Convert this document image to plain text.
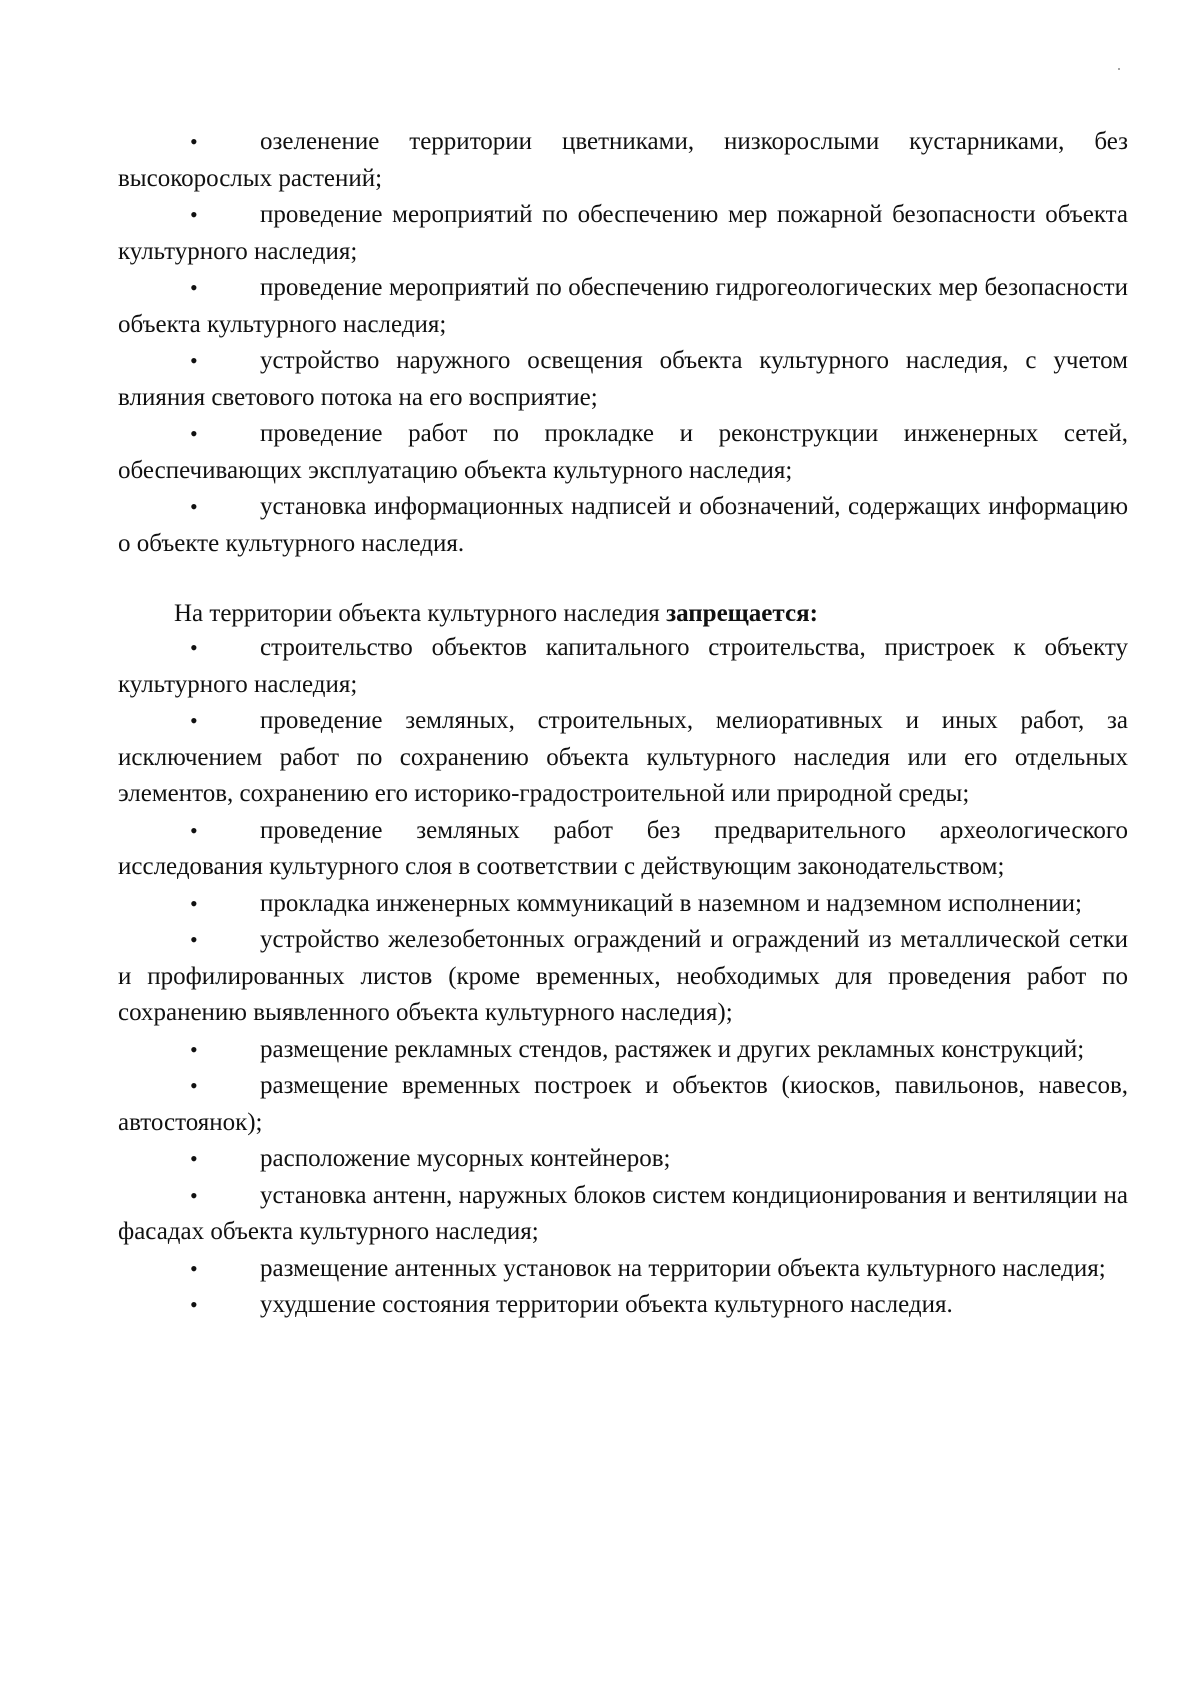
• озеленение территории цветниками, низкорослыми кустарниками, без высокорослых растений;

• проведение мероприятий по обеспечению мер пожарной безопасности объекта культурного наследия;

• проведение мероприятий по обеспечению гидрогеологических мер безопасности объекта культурного наследия;

• устройство наружного освещения объекта культурного наследия, с учетом влияния светового потока на его восприятие;

• проведение работ по прокладке и реконструкции инженерных сетей, обеспечивающих эксплуатацию объекта культурного наследия;

• установка информационных надписей и обозначений, содержащих информацию о объекте культурного наследия.

На территории объекта культурного наследия запрещается:

• строительство объектов капитального строительства, пристроек к объекту культурного наследия;

• проведение земляных, строительных, мелиоративных и иных работ, за исключением работ по сохранению объекта культурного наследия или его отдельных элементов, сохранению его историко-градостроительной или природной среды;

• проведение земляных работ без предварительного археологического исследования культурного слоя в соответствии с действующим законодательством;

• прокладка инженерных коммуникаций в наземном и надземном исполнении;

• устройство железобетонных ограждений и ограждений из металлической сетки и профилированных листов (кроме временных, необходимых для проведения работ по сохранению выявленного объекта культурного наследия);

• размещение рекламных стендов, растяжек и других рекламных конструкций;

• размещение временных построек и объектов (киосков, павильонов, навесов, автостоянок);

• расположение мусорных контейнеров;

• установка антенн, наружных блоков систем кондиционирования и вентиляции на фасадах объекта культурного наследия;

• размещение антенных установок на территории объекта культурного наследия;

• ухудшение состояния территории объекта культурного наследия.
